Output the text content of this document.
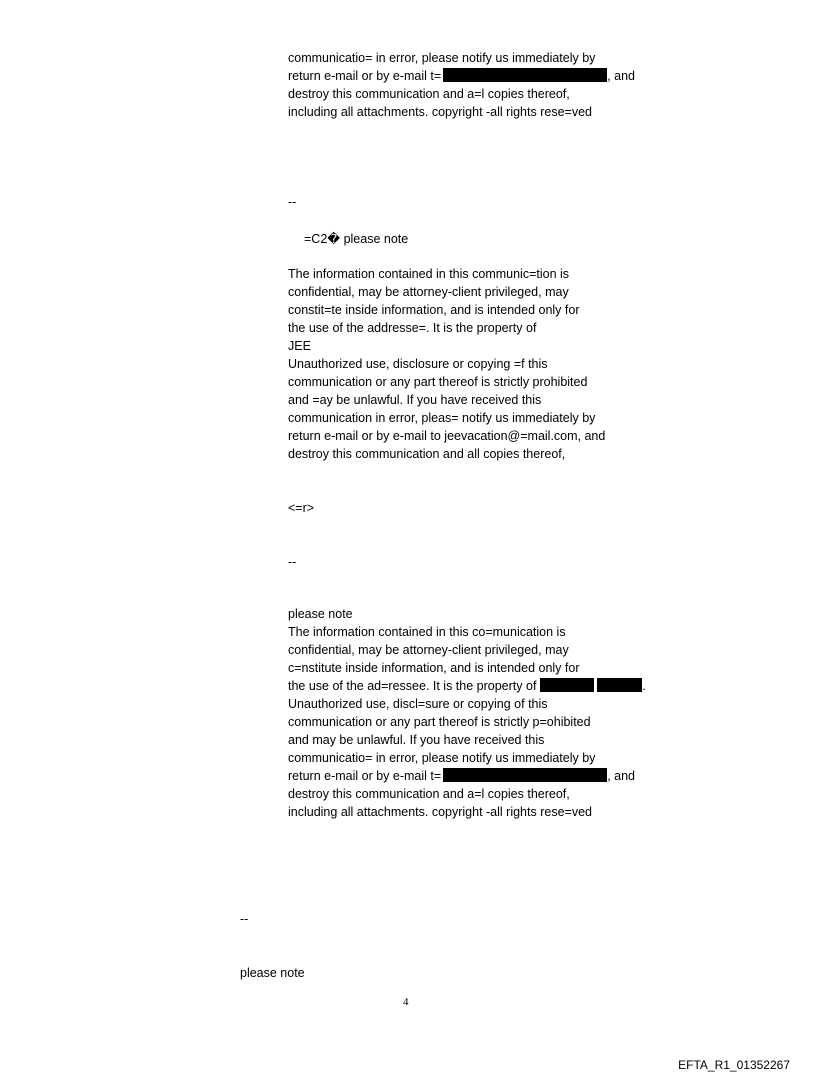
communicatio= in error, please notify us immediately by
return e-mail or by e-mail t=	, and
destroy this communication and a=l copies thereof,
including all attachments. copyright -all rights rese=ved
--
=C2� please note
The information contained in this communic=tion is
confidential, may be attorney-client privileged, may
constit=te inside information, and is intended only for
the use of the addresse=. It is the property of
JEE
Unauthorized use, disclosure or copying =f this
communication or any part thereof is strictly prohibited
and =ay be unlawful. If you have received this
communication in error, pleas= notify us immediately by
return e-mail or by e-mail to jeevacation@=mail.com, and
destroy this communication and all copies thereof,
<=r>
--
please note
The information contained in this co=munication is
confidential, may be attorney-client privileged, may
c=nstitute inside information, and is intended only for
the use of the ad=ressee. It is the property of	.
Unauthorized use, discl=sure or copying of this
communication or any part thereof is strictly p=ohibited
and may be unlawful. If you have received this
communicatio= in error, please notify us immediately by
return e-mail or by e-mail t=	, and
destroy this communication and a=l copies thereof,
including all attachments. copyright -all rights rese=ved
--
please note
4
EFTA_R1_01352267
